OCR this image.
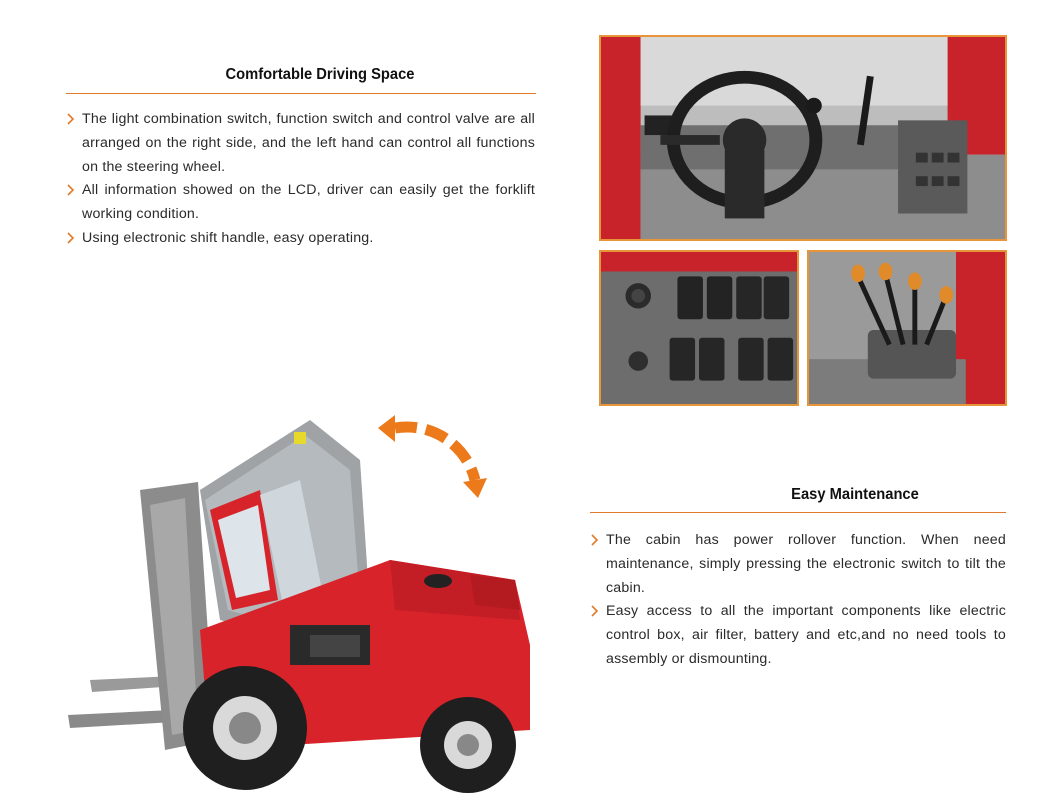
Comfortable Driving Space
The light combination switch, function switch and control valve are all arranged on the right side, and the left hand can control all functions on the steering wheel.
All information showed on the LCD, driver can easily get the forklift working condition.
Using electronic shift handle, easy operating.
Easy Maintenance
The cabin has power rollover function. When need maintenance, simply pressing the electronic switch to tilt the cabin.
Easy access to all the important components like electric control box, air filter, battery and etc,and no need tools to assembly or dismounting.
